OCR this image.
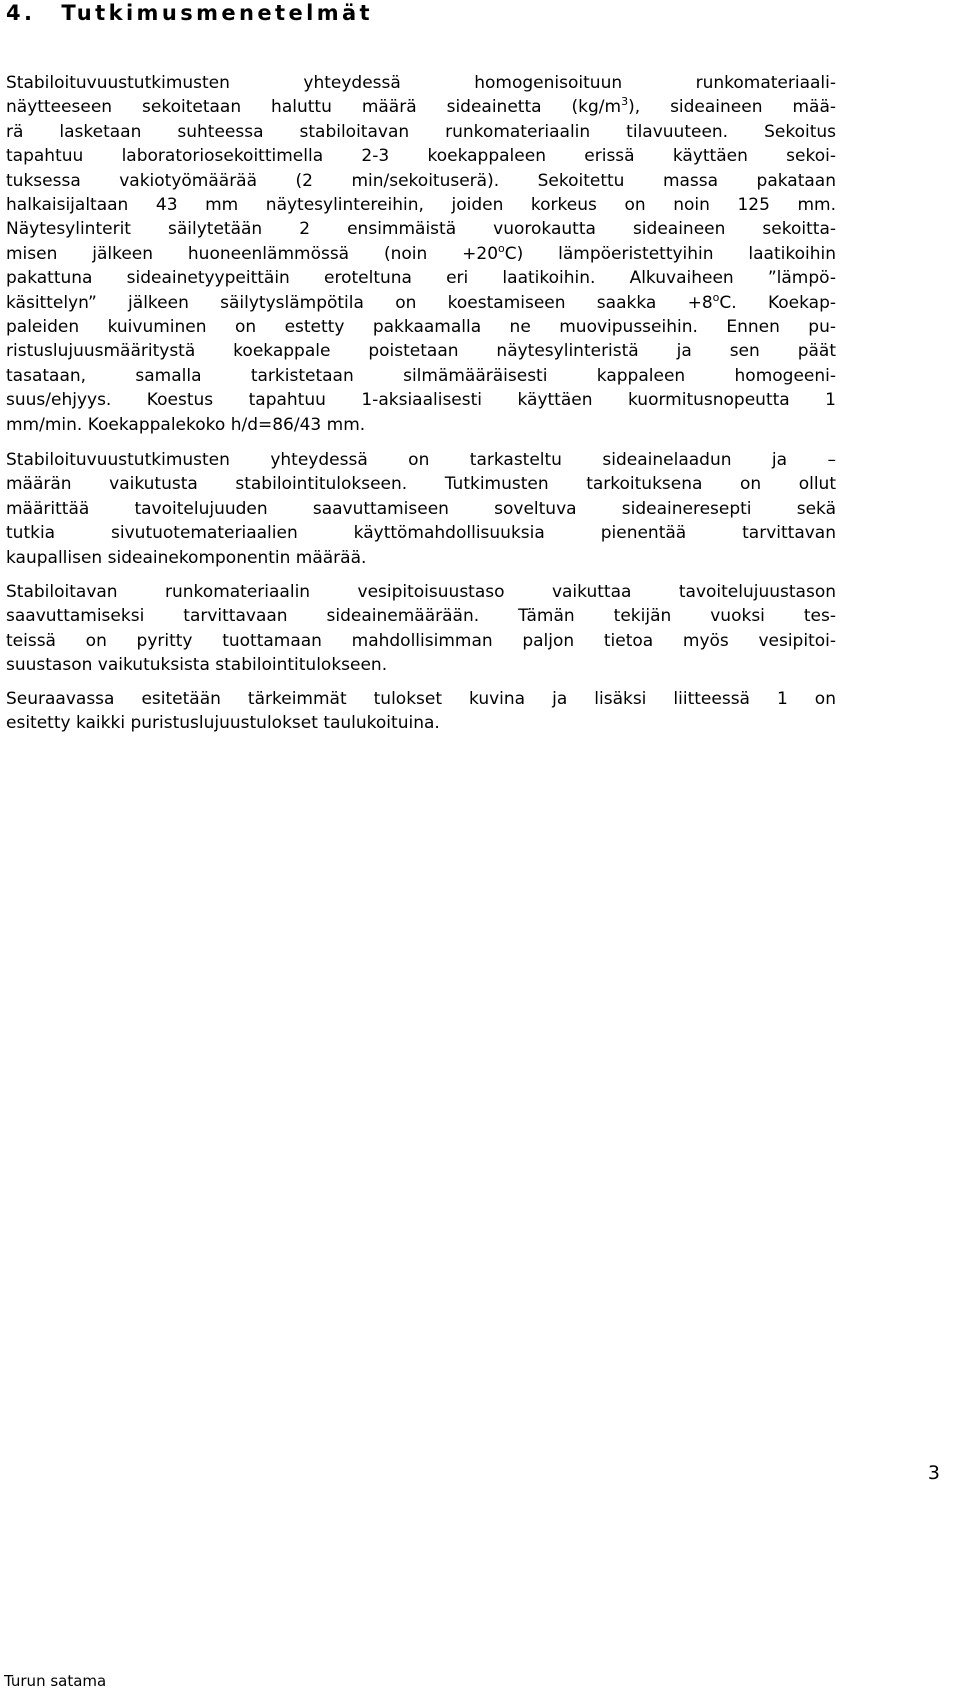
4. Tutkimusmenetelmät

Stabiloituvuustutkimusten yhteydessä homogenisoituun runkomateriaali-
näytteeseen sekoitetaan haluttu määrä sideainetta $(kg/m^3)$, sideaineen mää-
rä lasketaan suhteessa stabiloitavan runkomateriaalin tilavuuteen. Sekoitus
tapahtuu laboratoriosekoittimella 2-3 koekappaleen erissä käyttäen sekoi-
tuksessa vakiotyömäärää (2 min/sekoituserä). Sekoitettu massa pakataan
halkaisijaltaan 43 mm näytesylintereihin, joiden korkeus on noin 125 mm.
Näytesylinterit säilytetään 2 ensimmäistä vuorokautta sideaineen sekoitta-
misen jälkeen huoneenlämmössä (noin $+20^oC$) lämpöeristettyihin laatikoihin
pakattuna sideainetyypeittäin eroteltuna eri laatikoihin. Alkuvaiheen ”lämpö-
käsittelyn” jälkeen säilytyslämpötila on koestamiseen saakka $+8^oC$. Koekap-
paleiden kuivuminen on estetty pakkaamalla ne muovipusseihin. Ennen pu-
ristuslujuusmääritystä koekappale poistetaan näytesylinteristä ja sen päät
tasataan, samalla tarkistetaan silmämääräisesti kappaleen homogeeni-
suus/ehjyys. Koestus tapahtuu 1-aksiaalisesti käyttäen kuormitusnopeutta 1
mm/min. Koekappalekoko h/d=86/43 mm.

Stabiloituvuustutkimusten yhteydessä on tarkasteltu sideainelaadun ja –
määrän vaikutusta stabilointitulokseen. Tutkimusten tarkoituksena on ollut
määrittää tavoitelujuuden saavuttamiseen soveltuva sideaineresepti sekä
tutkia sivutuotemateriaalien käyttömahdollisuuksia pienentää tarvittavan
kaupallisen sideainekomponentin määrää.

Stabiloitavan runkomateriaalin vesipitoisuustaso vaikuttaa tavoitelujuustason
saavuttamiseksi tarvittavaan sideainemäärään. Tämän tekijän vuoksi tes-
teissä on pyritty tuottamaan mahdollisimman paljon tietoa myös vesipitoi-
suustason vaikutuksista stabilointitulokseen.

Seuraavassa esitetään tärkeimmät tulokset kuvina ja lisäksi liitteessä 1 on
esitetty kaikki puristuslujuustulokset taulukoituina.

3
Turun satama
